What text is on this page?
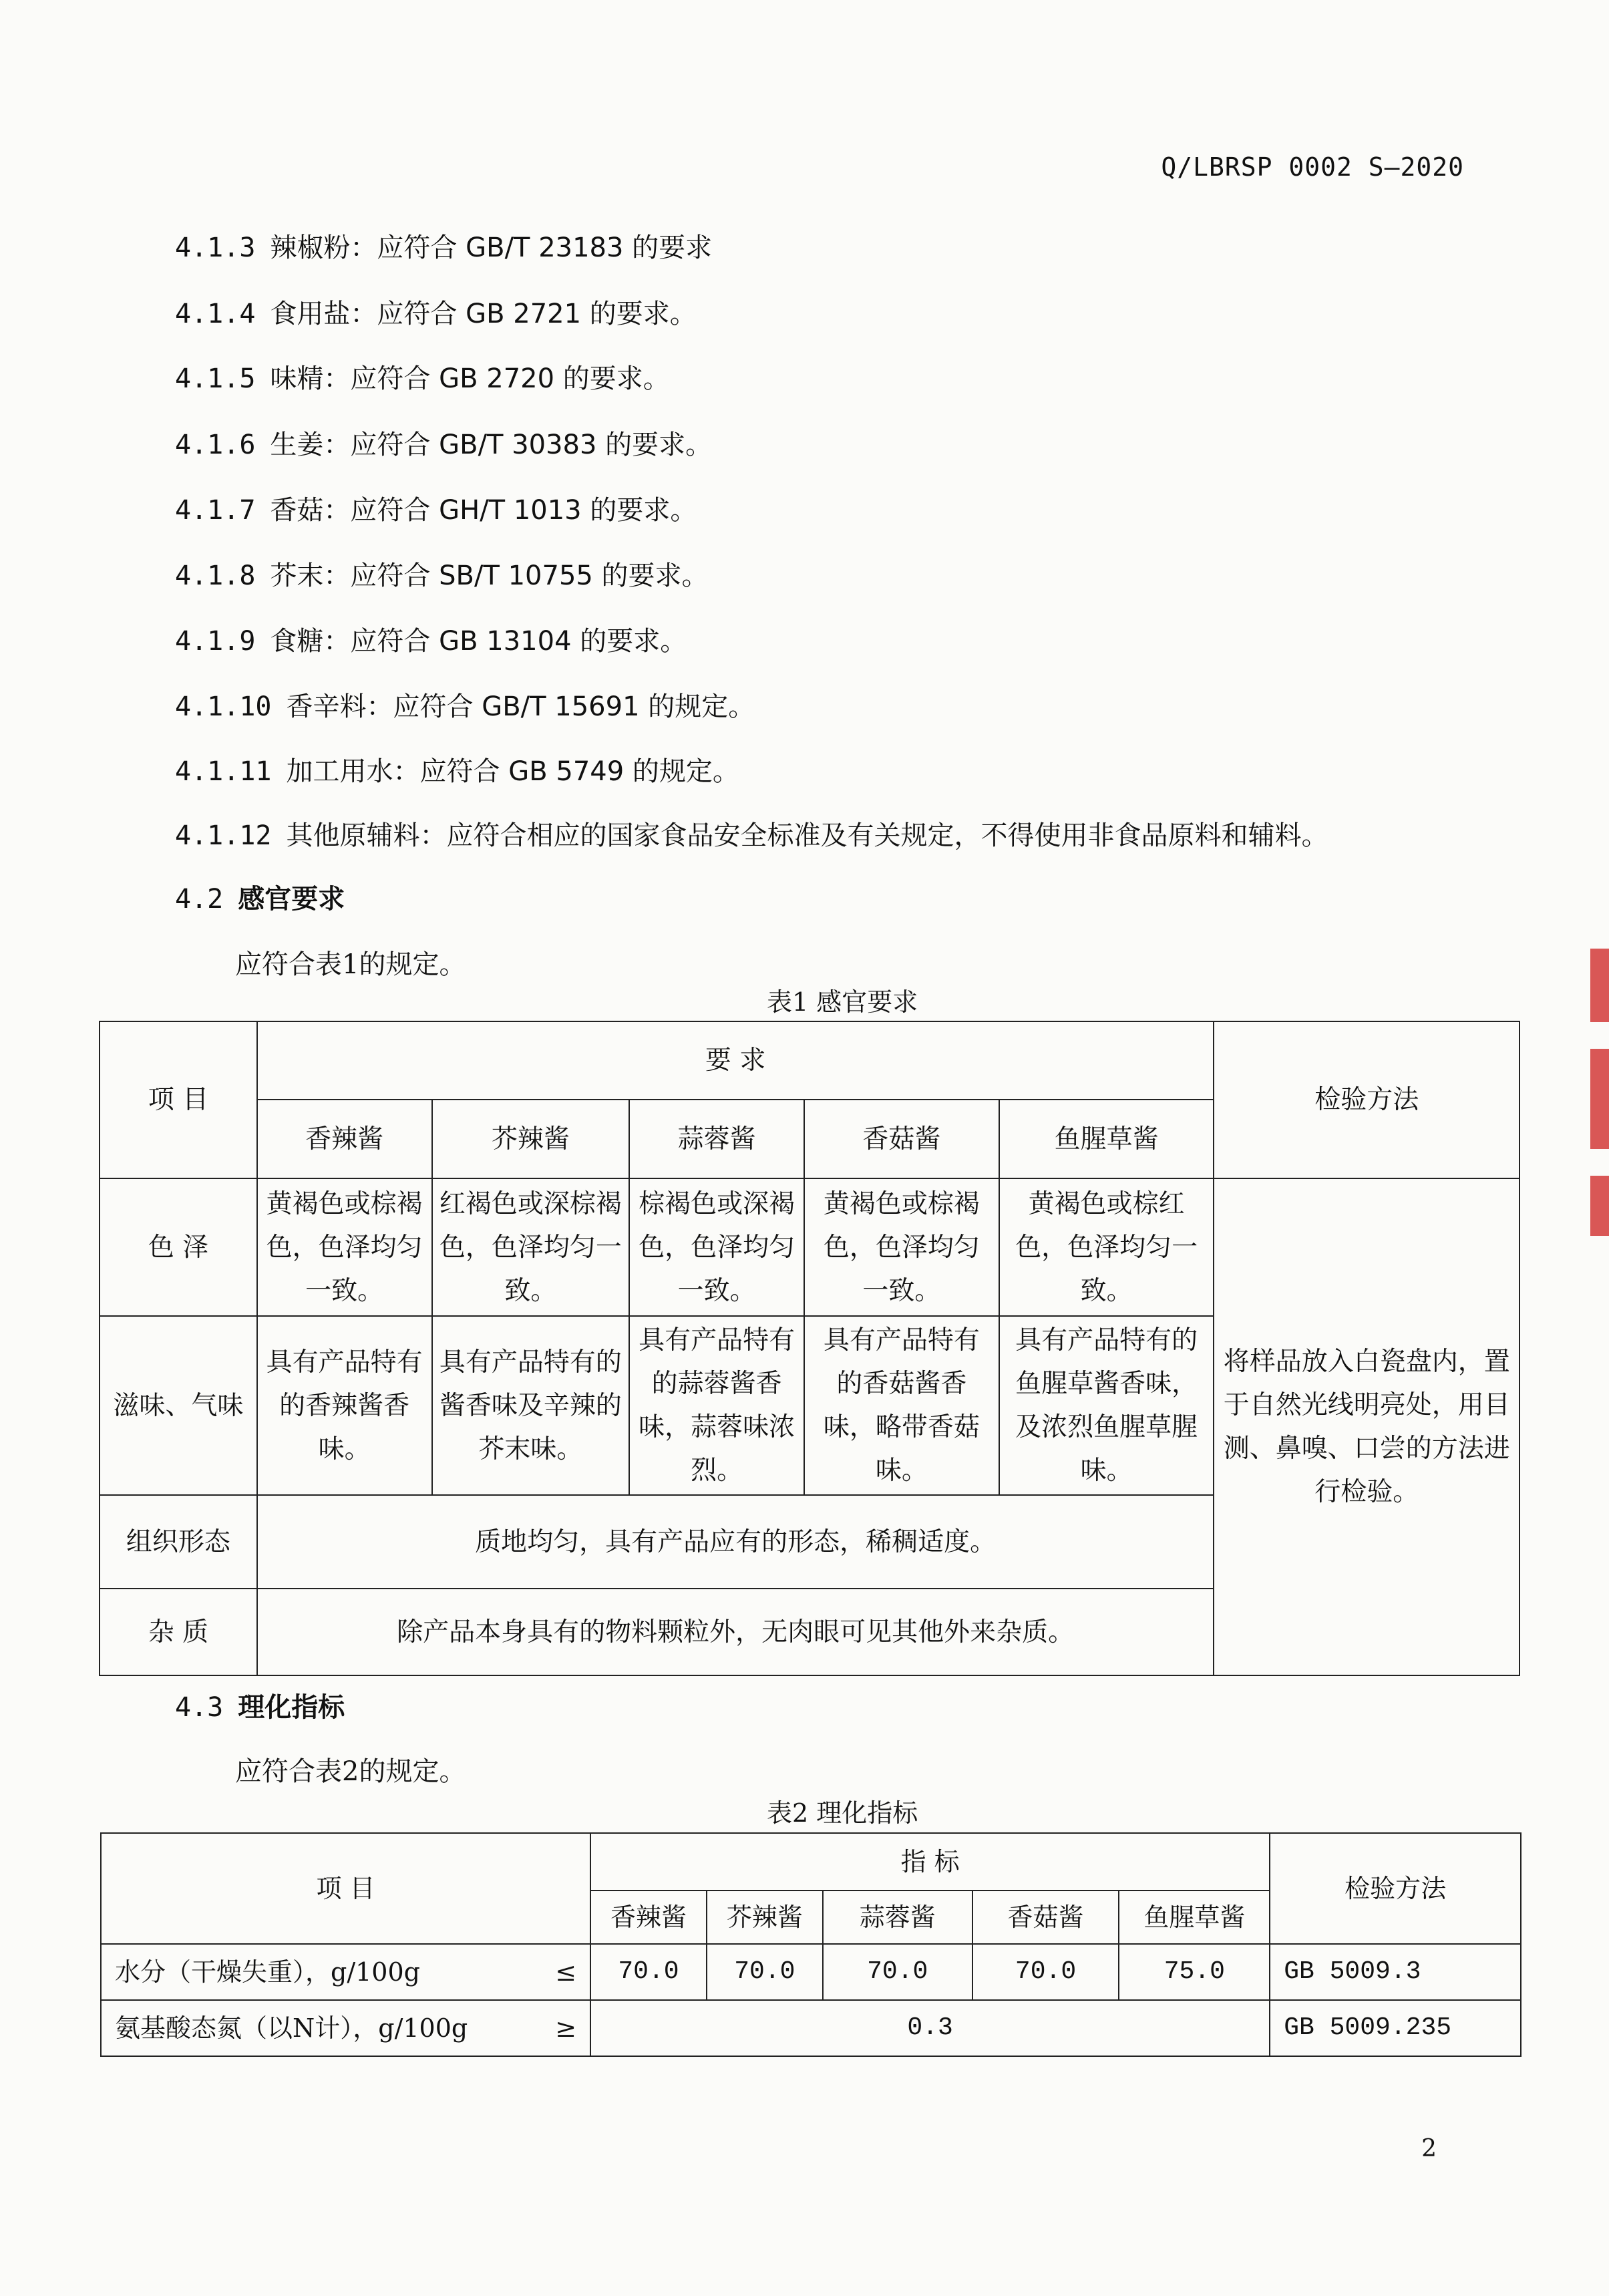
Q/LBRSP 0002 S—2020
4.1.3 辣椒粉：应符合 GB/T 23183 的要求
4.1.4 食用盐：应符合 GB 2721 的要求。
4.1.5 味精：应符合 GB 2720 的要求。
4.1.6 生姜：应符合 GB/T 30383 的要求。
4.1.7 香菇：应符合 GH/T 1013 的要求。
4.1.8 芥末：应符合 SB/T 10755 的要求。
4.1.9 食糖：应符合 GB 13104 的要求。
4.1.10 香辛料：应符合 GB/T 15691 的规定。
4.1.11 加工用水：应符合 GB 5749 的规定。
4.1.12 其他原辅料：应符合相应的国家食品安全标准及有关规定，不得使用非食品原料和辅料。
4.2 感官要求
应符合表1的规定。
表1 感官要求
项 目	要 求					检验方法
	香辣酱	芥辣酱	蒜蓉酱	香菇酱	鱼腥草酱	
色 泽	黄褐色或棕褐色，色泽均匀一致。	红褐色或深棕褐色，色泽均匀一致。	棕褐色或深褐色，色泽均匀一致。	黄褐色或棕褐色，色泽均匀一致。	黄褐色或棕红色，色泽均匀一致。	将样品放入白瓷盘内，置于自然光线明亮处，用目测、鼻嗅、口尝的方法进行检验。
滋味、气味	具有产品特有的香辣酱香味。	具有产品特有的酱香味及辛辣的芥末味。	具有产品特有的蒜蓉酱香味，蒜蓉味浓烈。	具有产品特有的香菇酱香味，略带香菇味。	具有产品特有的鱼腥草酱香味，及浓烈鱼腥草腥味。	
组织形态	质地均匀，具有产品应有的形态，稀稠适度。					
杂 质	除产品本身具有的物料颗粒外，无肉眼可见其他外来杂质。					
4.3 理化指标
应符合表2的规定。
表2 理化指标
项 目	指 标					检验方法
	香辣酱	芥辣酱	蒜蓉酱	香菇酱	鱼腥草酱	
水分（干燥失重），g/100g ≤	70.0	70.0	70.0	70.0	75.0	GB 5009.3
氨基酸态氮（以N计），g/100g ≥	0.3					GB 5009.235
2
